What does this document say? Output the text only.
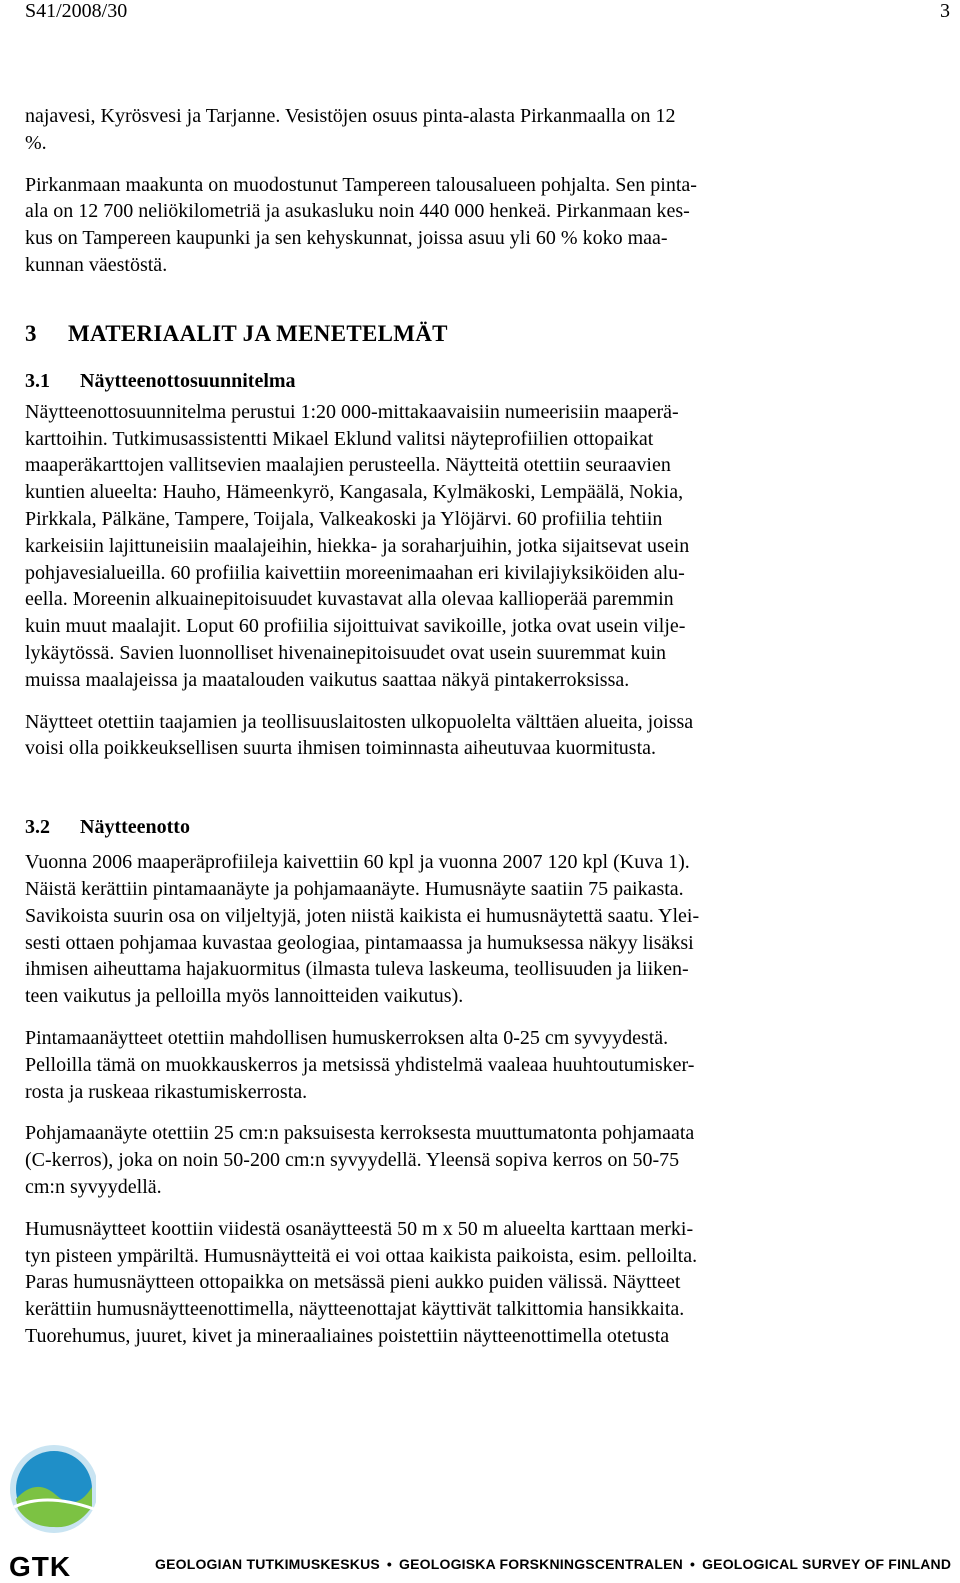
S41/2008/30	3

najavesi, Kyrösvesi ja Tarjanne. Vesistöjen osuus pinta-alasta Pirkanmaalla on 12

%.

Pirkanmaan maakunta on muodostunut Tampereen talousalueen pohjalta. Sen pinta-

ala on 12 700 neliökilometriä ja asukasluku noin 440 000 henkeä. Pirkanmaan kes-

kus on Tampereen kaupunki ja sen kehyskunnat, joissa asuu yli 60 % koko maa-

kunnan väestöstä.

3 MATERIAALIT JA MENETELMÄT
3.1 Näytteenottosuunnitelma

Näytteenottosuunnitelma perustui 1:20 000-mittakaavaisiin numeerisiin maaperä-

karttoihin. Tutkimusassistentti Mikael Eklund valitsi näyteprofiilien ottopaikat

maaperäkarttojen vallitsevien maalajien perusteella. Näytteitä otettiin seuraavien

kuntien alueelta: Hauho, Hämeenkyrö, Kangasala, Kylmäkoski, Lempäälä, Nokia,

Pirkkala, Pälkäne, Tampere, Toijala, Valkeakoski ja Ylöjärvi. 60 profiilia tehtiin

karkeisiin lajittuneisiin maalajeihin, hiekka- ja soraharjuihin, jotka sijaitsevat usein

pohjavesialueilla. 60 profiilia kaivettiin moreenimaahan eri kivilajiyksiköiden alu-

eella. Moreenin alkuainepitoisuudet kuvastavat alla olevaa kallioperää paremmin

kuin muut maalajit. Loput 60 profiilia sijoittuivat savikoille, jotka ovat usein vilje-

lykäytössä. Savien luonnolliset hivenainepitoisuudet ovat usein suuremmat kuin

muissa maalajeissa ja maatalouden vaikutus saattaa näkyä pintakerroksissa.

Näytteet otettiin taajamien ja teollisuuslaitosten ulkopuolelta välttäen alueita, joissa

voisi olla poikkeuksellisen suurta ihmisen toiminnasta aiheutuvaa kuormitusta.

3.2 Näytteenotto

Vuonna 2006 maaperäprofiileja kaivettiin 60 kpl ja vuonna 2007 120 kpl (Kuva 1).

Näistä kerättiin pintamaanäyte ja pohjamaanäyte. Humusnäyte saatiin 75 paikasta.

Savikoista suurin osa on viljeltyjä, joten niistä kaikista ei humusnäytettä saatu. Ylei-

sesti ottaen pohjamaa kuvastaa geologiaa, pintamaassa ja humuksessa näkyy lisäksi

ihmisen aiheuttama hajakuormitus (ilmasta tuleva laskeuma, teollisuuden ja liiken-

teen vaikutus ja pelloilla myös lannoitteiden vaikutus).

Pintamaanäytteet otettiin mahdollisen humuskerroksen alta 0-25 cm syvyydestä.

Pelloilla tämä on muokkauskerros ja metsissä yhdistelmä vaaleaa huuhtoutumisker-

rosta ja ruskeaa rikastumiskerrosta.

Pohjamaanäyte otettiin 25 cm:n paksuisesta kerroksesta muuttumatonta pohjamaata

(C-kerros), joka on noin 50-200 cm:n syvyydellä. Yleensä sopiva kerros on 50-75

cm:n syvyydellä.

Humusnäytteet koottiin viidestä osanäytteestä 50 m x 50 m alueelta karttaan merki-

tyn pisteen ympäriltä. Humusnäytteitä ei voi ottaa kaikista paikoista, esim. pelloilta.

Paras humusnäytteen ottopaikka on metsässä pieni aukko puiden välissä. Näytteet

kerättiin humusnäytteenottimella, näytteenottajat käyttivät talkittomia hansikkaita.

Tuorehumus, juuret, kivet ja mineraaliaines poistettiin näytteenottimella otetusta

GTK	GEOLOGIAN TUTKIMUSKESKUS • GEOLOGISKA FORSKNINGSCENTRALEN • GEOLOGICAL SURVEY OF FINLAND
